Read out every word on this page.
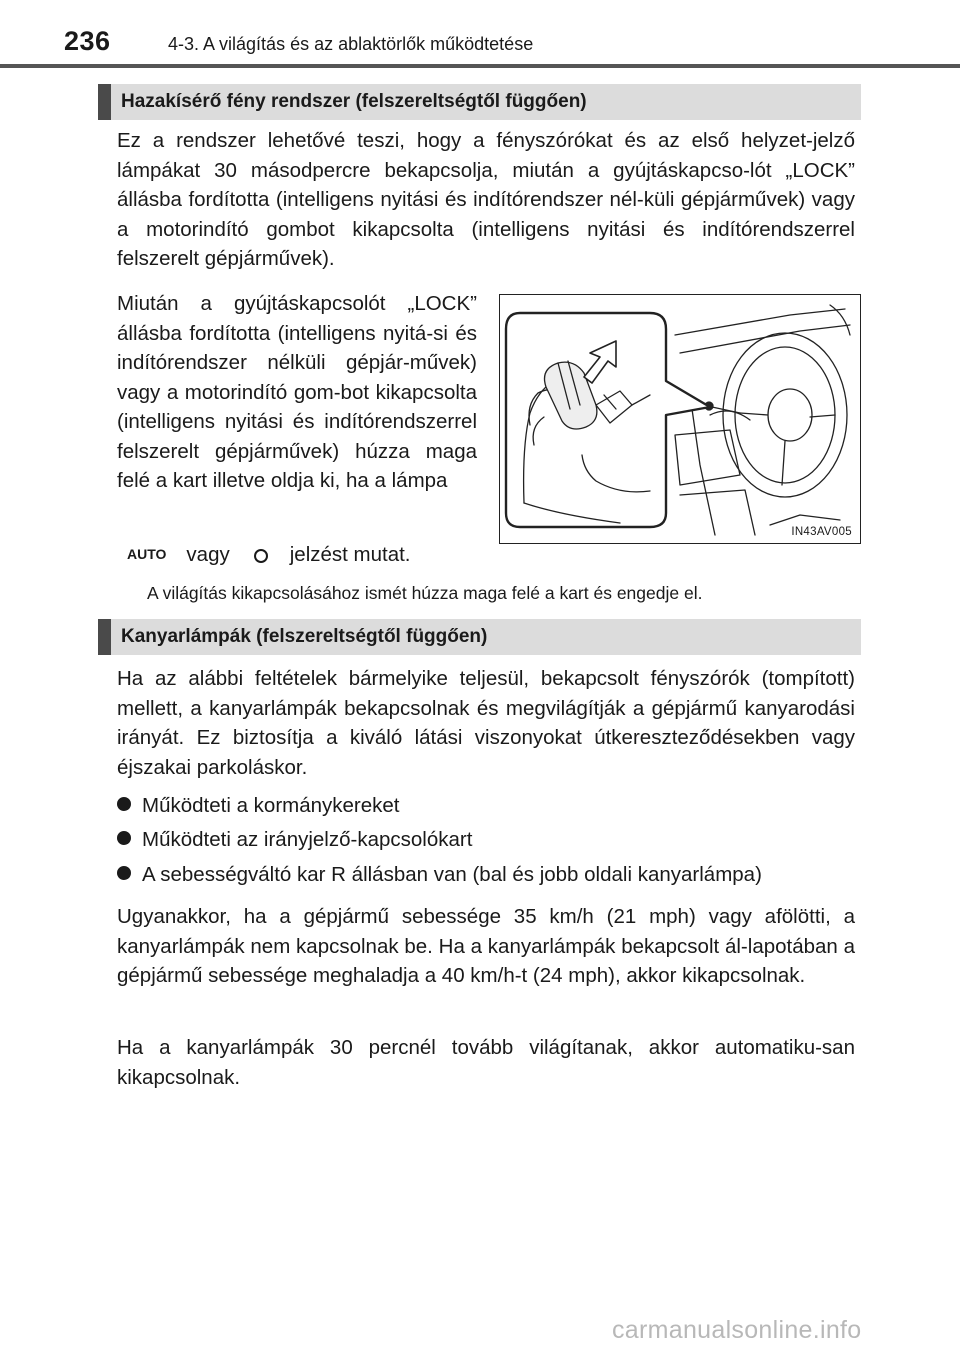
236	4-3. A világítás és az ablaktörlők működtetése
Hazakísérő fény rendszer (felszereltségtől függően)

Ez a rendszer lehetővé teszi, hogy a fényszórókat és az első helyzet-jelző lámpákat 30 másodpercre bekapcsolja, miután a gyújtáskapcso-lót „LOCK” állásba fordította (intelligens nyitási és indítórendszer nél-küli gépjárművek) vagy a motorindító gombot kikapcsolta (intelligens nyitási és indítórendszerrel felszerelt gépjárművek).

Miután a gyújtáskapcsolót „LOCK” állásba fordította (intelligens nyitá-si és indítórendszer nélküli gépjár-művek) vagy a motorindító gom-bot kikapcsolta (intelligens nyitási és indítórendszerrel felszerelt gépjárművek) húzza maga felé a kart illetve oldja ki, ha a lámpa

AUTO vagy	jelzést mutat.
IN43AV005
A világítás kikapcsolásához ismét húzza maga felé a kart és engedje el.
Kanyarlámpák (felszereltségtől függően)

Ha az alábbi feltételek bármelyike teljesül, bekapcsolt fényszórók (tompított) mellett, a kanyarlámpák bekapcsolnak és megvilágítják a gépjármű kanyarodási irányát. Ez biztosítja a kiváló látási viszonyokat útkereszteződésekben vagy éjszakai parkoláskor.

Működteti a kormánykereket
Működteti az irányjelző-kapcsolókart
A sebességváltó kar R állásban van (bal és jobb oldali kanyarlámpa)

Ugyanakkor, ha a gépjármű sebessége 35 km/h (21 mph) vagy afölötti, a kanyarlámpák nem kapcsolnak be. Ha a kanyarlámpák bekapcsolt ál-lapotában a gépjármű sebessége meghaladja a 40 km/h-t (24 mph), akkor kikapcsolnak.

Ha a kanyarlámpák 30 percnél tovább világítanak, akkor automatiku-san kikapcsolnak.

carmanualsonline.info
